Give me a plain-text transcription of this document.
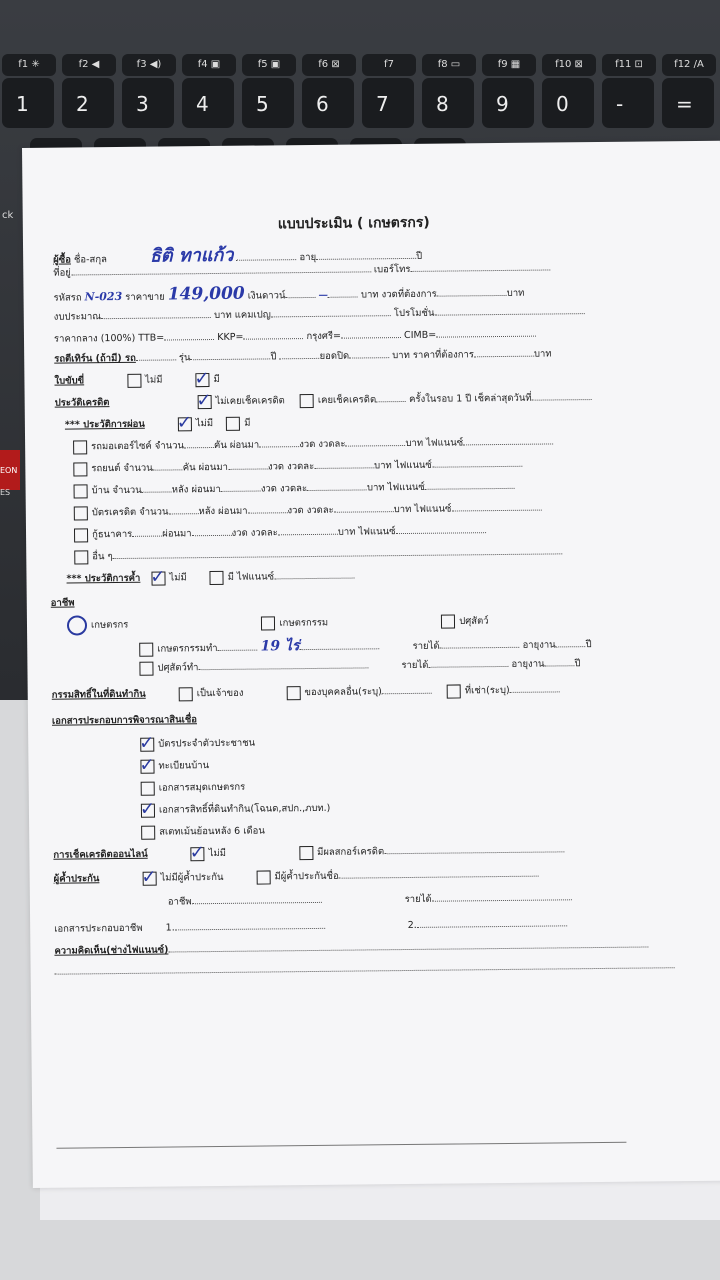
f1 ✳	f2 ◀	f3 ◀)	f4 ▣	f5 ▣	f6 ⊠	f7	f8 ▭	f9 ▦	f10 ⊠	f11 ⊡	f12 /A
1 2 3 4 5 6 7 8 9 0 -	=
ck
EON
ES
แบบประเมิน ( เกษตรกร)
ผู้ซื้อ ชื่อ-สกุล ธิติ ทาแก้ว	อายุ	ปี
ที่อยู่	เบอร์โทร
รหัสรถ N-023 ราคาขาย 149,000 เงินดาวน์	—	บาท งวดที่ต้องการ	บาท
งบประมาณ	บาท แคมเปญ	โปรโมชั่น
ราคากลาง (100%) TTB=	KKP=	กรุงศรี=	CIMB=
รถตีเทิร์น (ถ้ามี) รถ	รุ่น	ปี	ยอดปิด	บาท ราคาที่ต้องการ	บาท
ใบขับขี่	ไม่มี ✓ มี
ประวัติเครดิต	✓ ไม่เคยเช็คเครดิต	เคยเช็คเครดิต	ครั้งในรอบ 1 ปี เช็คล่าสุดวันที่
*** ประวัติการผ่อน ✓ ไม่มี	มี
รถมอเตอร์ไซค์ จำนวน	คัน ผ่อนมา	งวด งวดละ	บาท ไฟแนนซ์
รถยนต์ จำนวน	คัน ผ่อนมา	งวด งวดละ	บาท ไฟแนนซ์
บ้าน จำนวน	หลัง ผ่อนมา	งวด งวดละ	บาท ไฟแนนซ์
บัตรเครดิต จำนวน	หลัง ผ่อนมา	งวด งวดละ	บาท ไฟแนนซ์
กู้ธนาคาร	ผ่อนมา	งวด งวดละ	บาท ไฟแนนซ์
อื่น ๆ
*** ประวัติการค้ำ ✓ ไม่มี	มี ไฟแนนซ์
อาชีพ
เกษตรกร	เกษตรกรรม	ปศุสัตว์
เกษตรกรรมทำ	19 ไร่	รายได้	อายุงาน	ปี
ปศุสัตว์ทำ	รายได้	อายุงาน	ปี
กรรมสิทธิ์ในที่ดินทำกิน	เป็นเจ้าของ	ของบุคคลอื่น(ระบุ)	ที่เช่า(ระบุ)
เอกสารประกอบการพิจารณาสินเชื่อ
✓ บัตรประจำตัวประชาชน
✓ ทะเบียนบ้าน
เอกสารสมุดเกษตรกร
✓ เอกสารสิทธิ์ที่ดินทำกิน(โฉนด,สปก.,ภบท.)
สเตทเม้นย้อนหลัง 6 เดือน
การเช็คเครดิตออนไลน์ ✓ ไม่มี	มีผลสกอร์เครดิต
ผู้ค้ำประกัน ✓ ไม่มีผู้ค้ำประกัน	มีผู้ค้ำประกันชื่อ
อาชีพ	รายได้
เอกสารประกอบอาชีพ 1.	2.
ความคิดเห็น(ช่างไฟแนนซ์)
